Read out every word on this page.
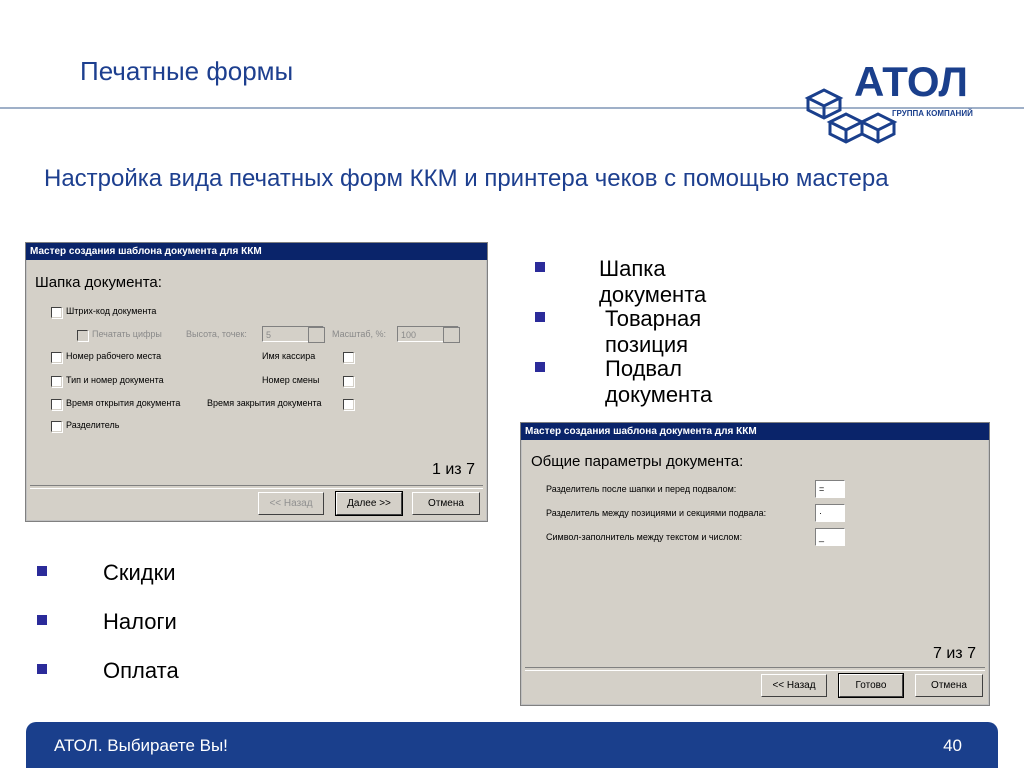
Печатные формы	АТОЛ
ГРУППА КОМПАНИЙ
Настройка вида печатных форм ККМ и принтера чеков с помощью мастера
Шапка документа
Товарная позиция
Подвал документа
Скидки
Налоги
Оплата
Мастер создания шаблона документа для ККМ
Шапка документа:
Штрих-код документа
Печатать цифры	Высота, точек:	5	Масштаб, %:	100
Номер рабочего места	Имя кассира
Тип и номер документа	Номер смены
Время открытия документа	Время закрытия документа
Разделитель
1 из 7
<< Назад	Далее >>	Отмена
Мастер создания шаблона документа для ККМ
Общие параметры документа:
Разделитель после шапки и перед подвалом:	=
Разделитель между позициями и секциями подвала:	·
Символ-заполнитель между текстом и числом:	_
7 из 7
<< Назад	Готово	Отмена
АТОЛ. Выбираете Вы!	40
